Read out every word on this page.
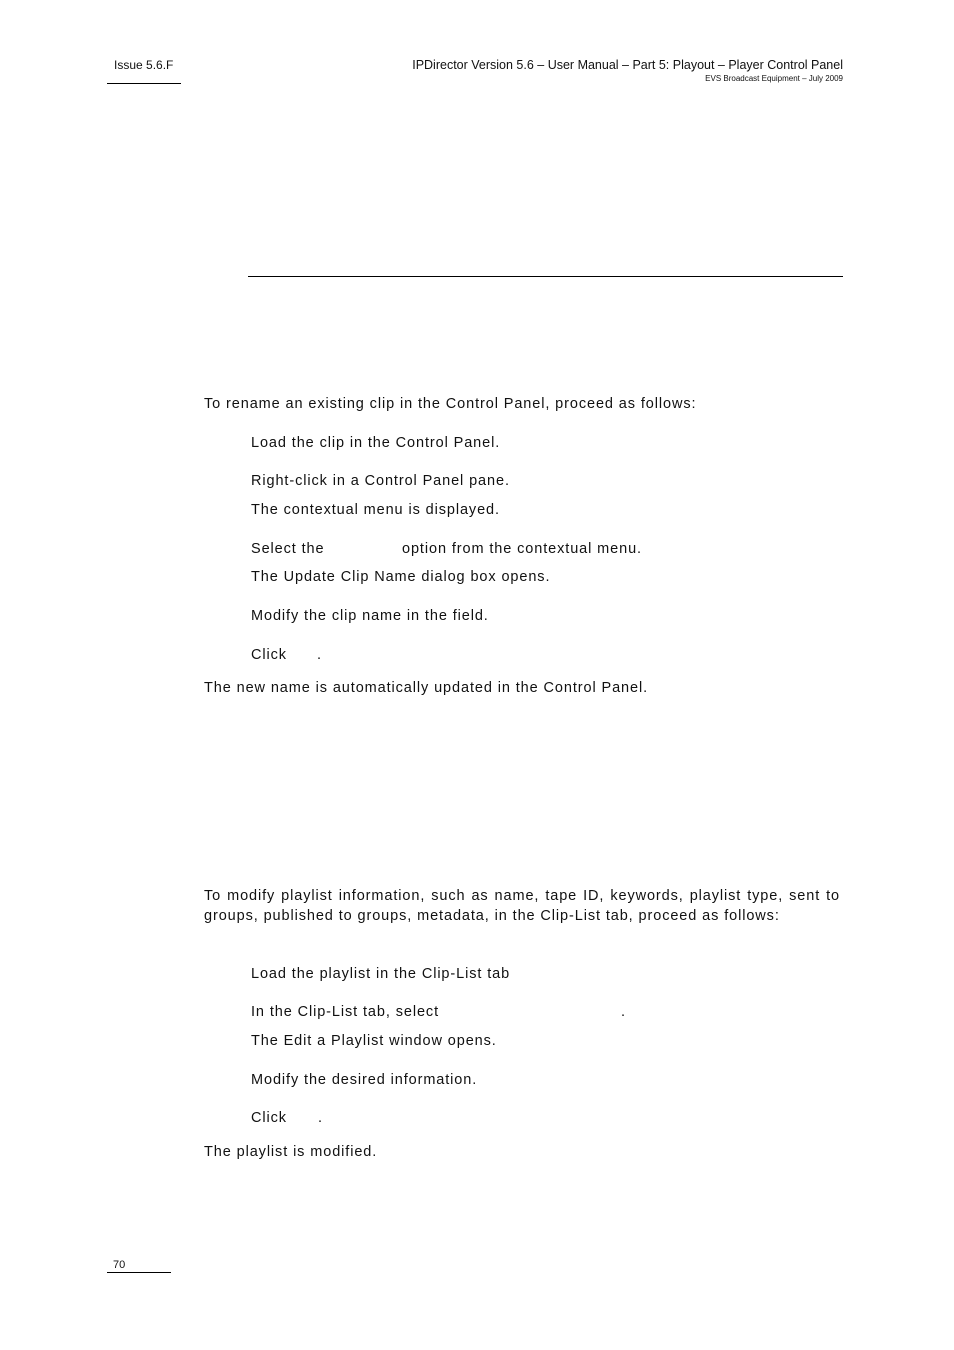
Issue 5.6.F	IPDirector Version 5.6 – User Manual – Part 5: Playout – Player Control Panel
EVS Broadcast Equipment – July 2009
To rename an existing clip in the Control Panel, proceed as follows:
Load the clip in the Control Panel.
Right-click in a Control Panel pane.
The contextual menu is displayed.
Select the	option from the contextual menu.
The Update Clip Name dialog box opens.
Modify the clip name in the field.
Click .
The new name is automatically updated in the Control Panel.
To modify playlist information, such as name, tape ID, keywords, playlist type, sent to groups, published to groups, metadata, in the Clip-List tab, proceed as follows:
Load the playlist in the Clip-List tab
In the Clip-List tab, select	.
The Edit a Playlist window opens.
Modify the desired information.
Click .
The playlist is modified.
70
